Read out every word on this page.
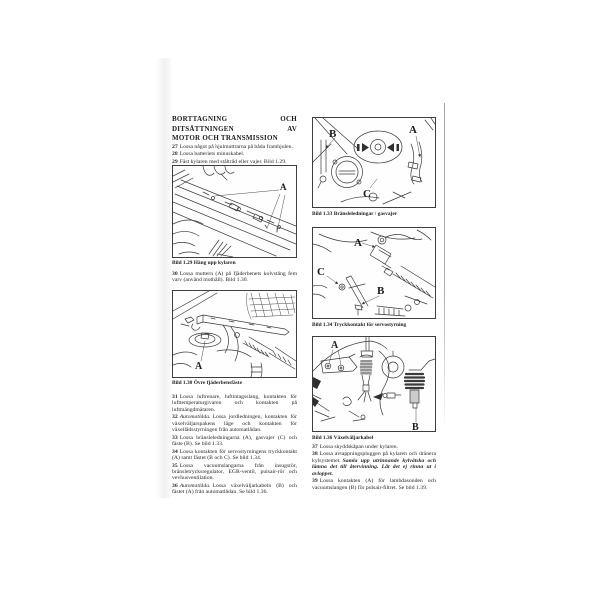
BORTTAGNING OCH DITSÄTTNINGEN AV
MOTOR OCH TRANSMISSION

27 Lossa något på hjulmuttrarna på båda framhjulen.

28 Lossa batteriets minuskabel.

29 Fäst kylaren med ståltråd eller vajer. Bild 1.29.

A
Bild 1.29 Häng upp kylaren

30 Lossa muttern (A) på fjäderbenets kolvstång fem varv (använd mothåll). Bild 1.30.

A
Bild 1.30 Övre fjäderbensfäste

31 Lossa luftrenare, luftintagsslang, kontakten för lufttemperaturgivaren och kontakten på luftmängdmätaren.

32 Automatlåda. Lossa jordledningen, kontakten för växelväljarspakens läge och kontakten för växellådsstyrningen från automatlådan.

33 Lossa bränsleledningarna (A), gasvajer (C) och fäste (B). Se bild 1.33.

34 Lossa kontakten för servostyrningens tryckkontakt (A) samt fästet (B och C). Se bild 1.34.

35 Lossa vacuumslangarna från insugsrör, bränsletrycksregulator, EGR-ventil, pulsair-rör och vevhusventilation.

36 Automatlåda. Lossa växelväljarkabeln (B) och fästet (A) från automatlådan. Se bild 1.36.

B	A
C
Bild 1.33 Bränsleledningar / gasvajer
A
C
B
Bild 1.34 Tryckkontakt för servostyrning
A
B
Bild 1.36 Växelväljarkabel

37 Lossa skyddskåpan under kylaren.

38 Lossa avtappningspluggen på kylaren och dränera kylsystemet. Samla upp utrinnande kylvätska och lämna det till återvinning. Låt det ej rinna ut i avloppet.

39 Lossa kontakten (A) för lambdasonden och vacuumslangen (B) för pulsair-filtret. Se bild 1.39.
